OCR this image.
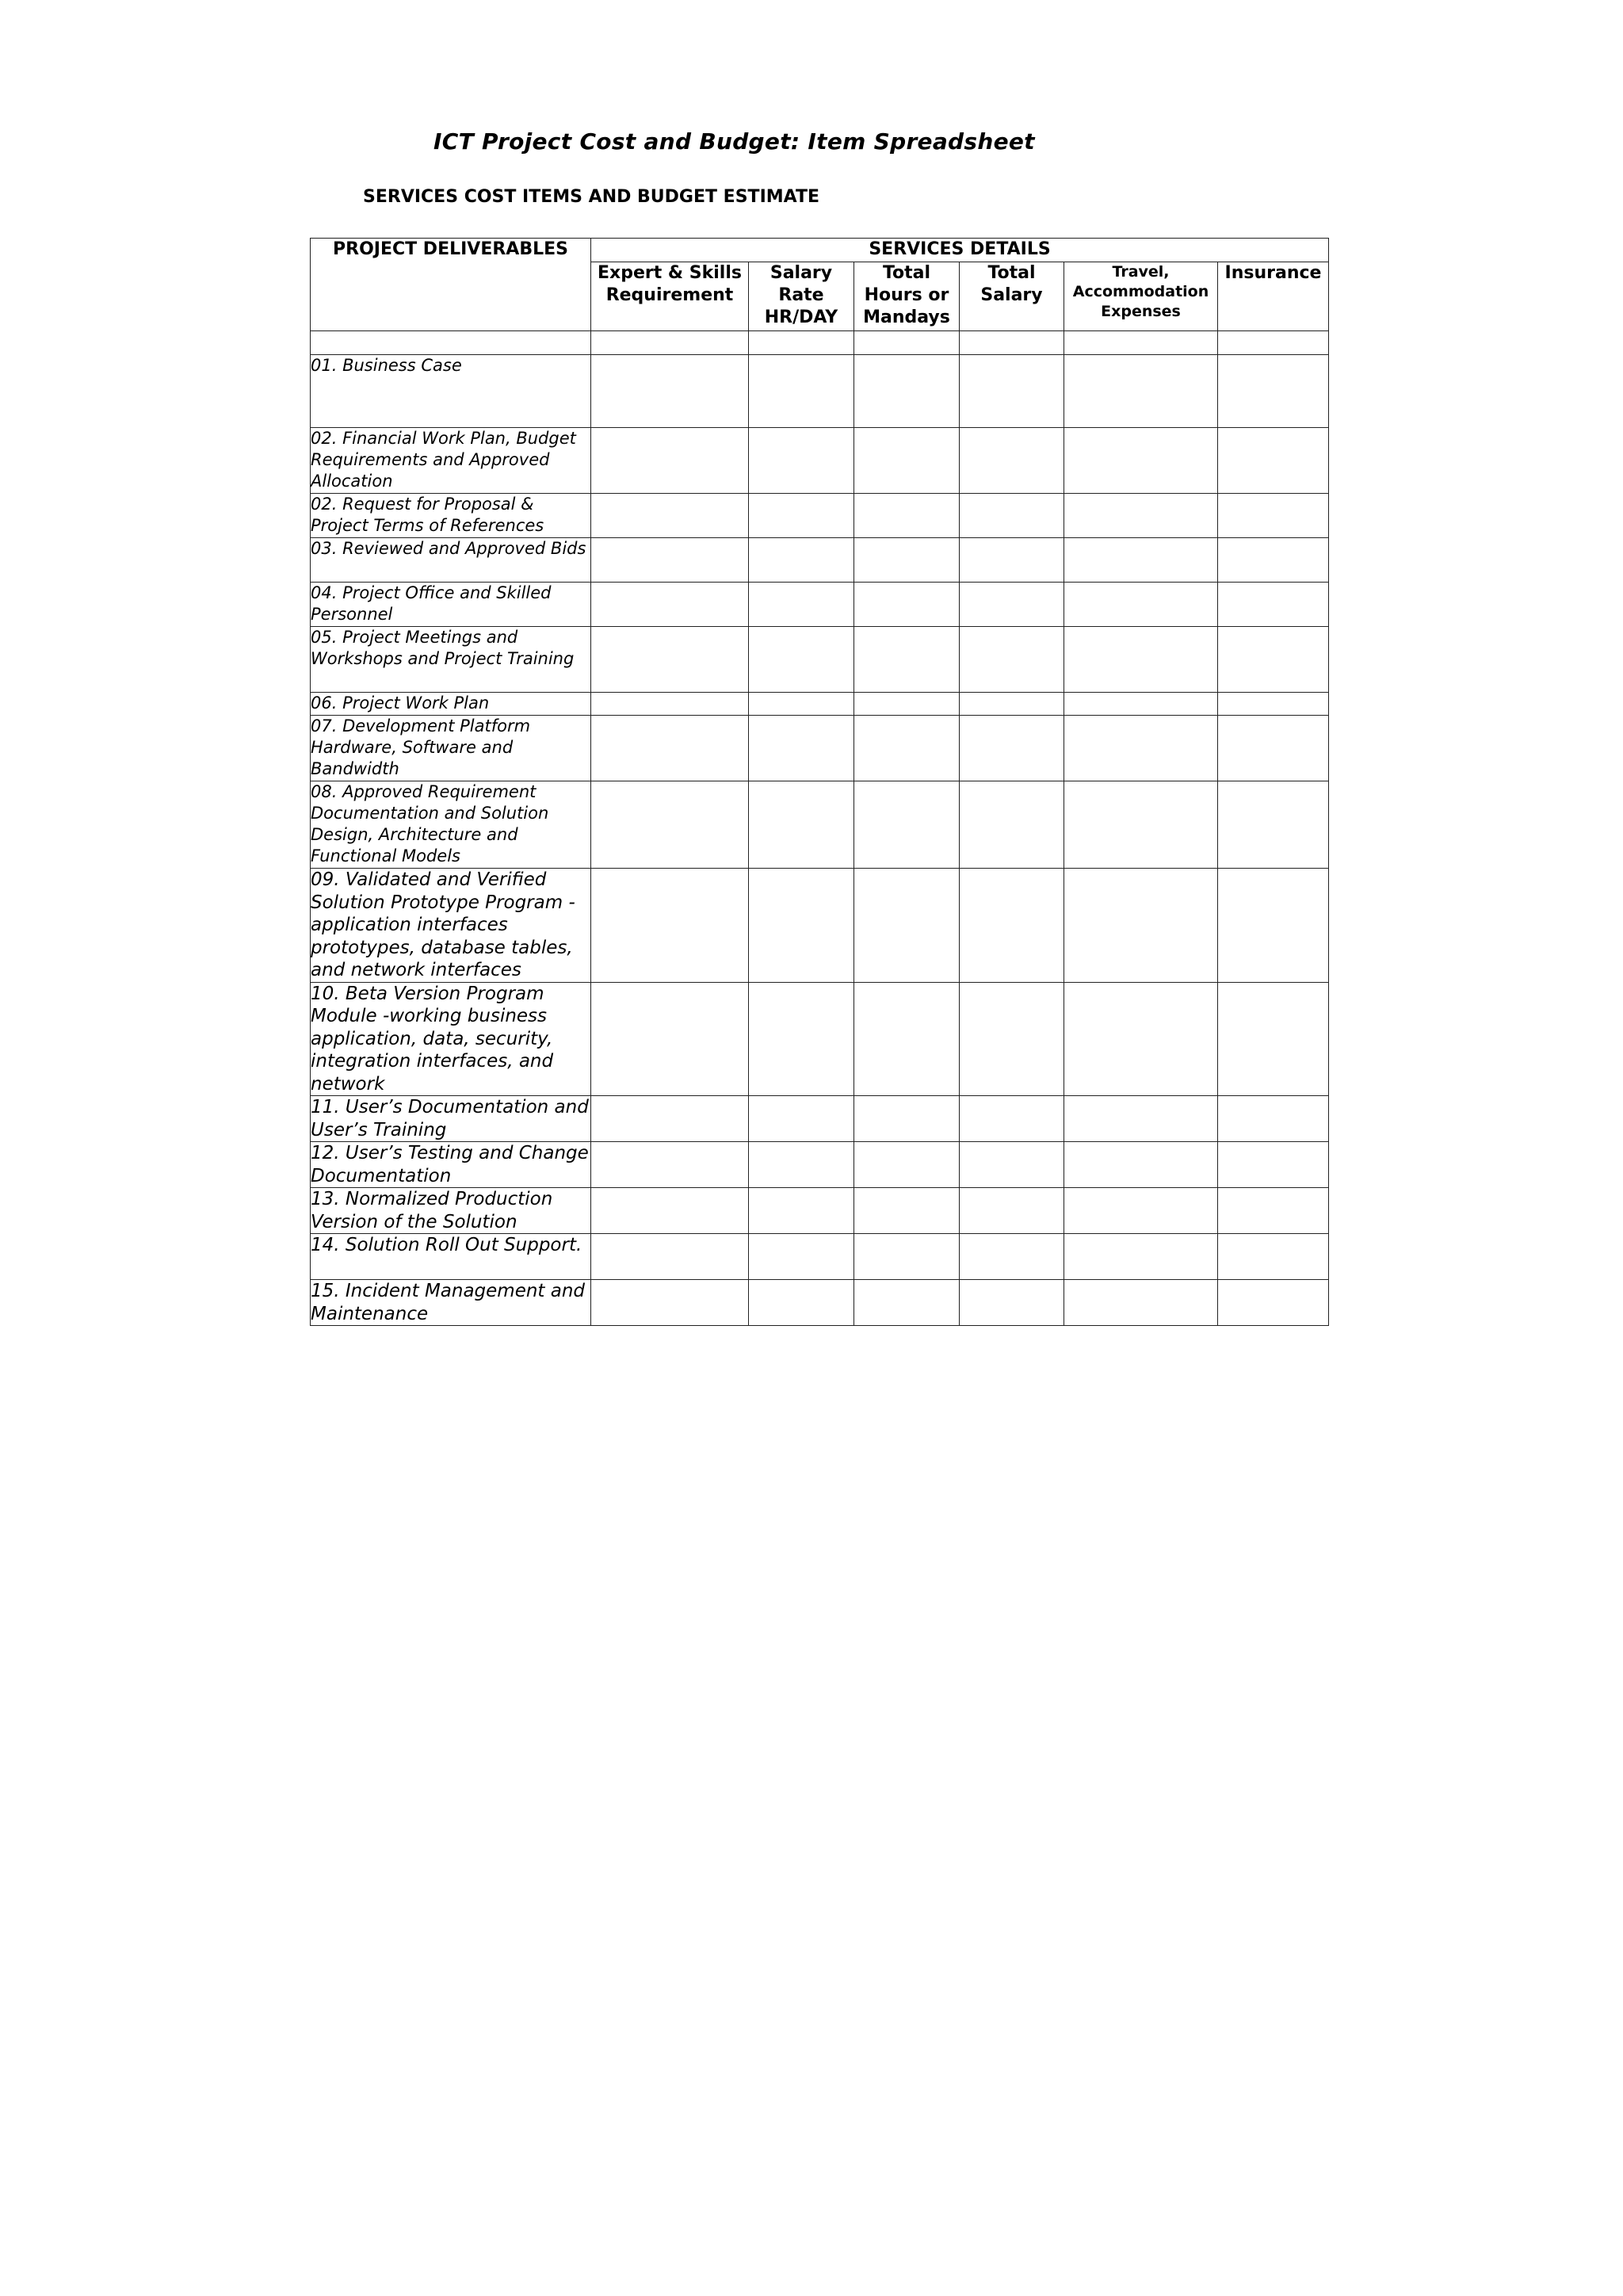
ICT Project Cost and Budget: Item Spreadsheet
SERVICES COST ITEMS AND BUDGET ESTIMATE
PROJECT DELIVERABLES	SERVICES DETAILS					
	Expert & Skills Requirement	Salary Rate HR/DAY	Total Hours or Mandays	Total Salary	Travel, Accommodation Expenses	Insurance

01. Business Case						

02. Financial Work Plan, Budget Requirements and Approved Allocation						

02. Request for Proposal & Project Terms of References						

03. Reviewed and Approved Bids						

04. Project Office and Skilled Personnel						

05. Project Meetings and Workshops and Project Training						

06. Project Work Plan						

07. Development Platform Hardware, Software and Bandwidth						

08. Approved Requirement Documentation and Solution Design, Architecture and Functional Models						

09. Validated and Verified Solution Prototype Program - application interfaces prototypes, database tables, and network interfaces						

10. Beta Version Program Module -working business application, data, security, integration interfaces, and network						

11. User’s Documentation and User’s Training						

12. User’s Testing and Change Documentation						

13. Normalized Production Version of the Solution						

14. Solution Roll Out Support.						

15. Incident Management and Maintenance						
